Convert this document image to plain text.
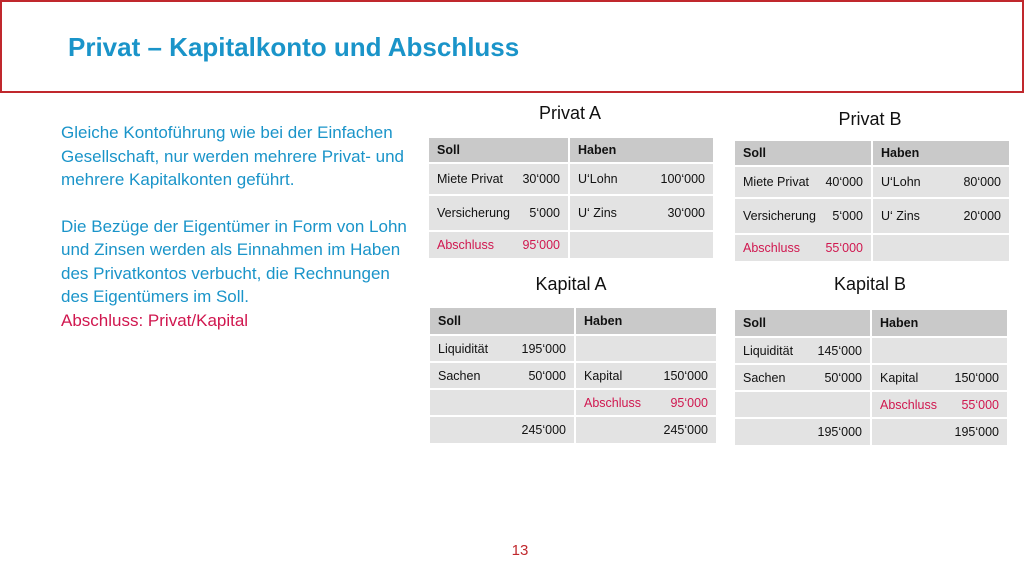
Privat – Kapitalkonto und Abschluss

Gleiche Kontoführung wie bei der Einfachen Gesellschaft, nur werden mehrere Privat- und mehrere Kapitalkonten geführt.

Die Bezüge der Eigentümer in Form von Lohn und Zinsen werden als Einnahmen im Haben des Privatkontos verbucht, die Rechnungen des Eigentümers im Soll.

Abschluss: Privat/Kapital

Privat A
Soll	Haben

Miete Privat 30‘000	U‘Lohn 100‘000

Versicherung 5‘000	U‘ Zins 30‘000

Abschluss 95‘000	

Privat B
Soll	Haben

Miete Privat 40‘000	U‘Lohn 80‘000

Versicherung 5‘000	U‘ Zins 20‘000

Abschluss 55‘000	

Kapital A
Soll	Haben

Liquidität 195‘000	

Sachen 50‘000	Kapital 150‘000

	Abschluss 95‘000

245‘000	245‘000
Kapital B
Soll	Haben

Liquidität 145‘000	

Sachen 50‘000	Kapital 150‘000

	Abschluss 55‘000

195‘000	195‘000
13
